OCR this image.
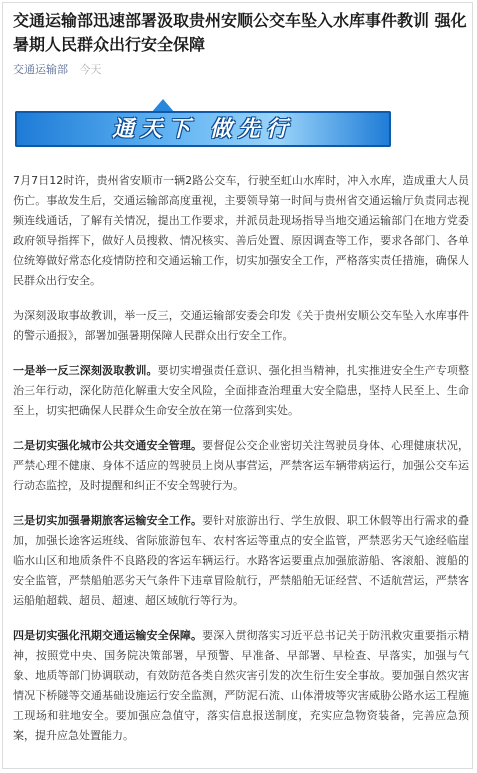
交通运输部迅速部署汲取贵州安顺公交车坠入水库事件教训 强化暑期人民群众出行安全保障
交通运输部 今天
通天下 做先行

7月7日12时许，贵州省安顺市一辆2路公交车，行驶至虹山水库时，冲入水库，造成重大人员伤亡。事故发生后，交通运输部高度重视，主要领导第一时间与贵州省交通运输厅负责同志视频连线通话，了解有关情况，提出工作要求，并派员赴现场指导当地交通运输部门在地方党委政府领导指挥下，做好人员搜救、情况核实、善后处置、原因调查等工作，要求各部门、各单位统筹做好常态化疫情防控和交通运输工作，切实加强安全工作，严格落实责任措施，确保人民群众出行安全。

为深刻汲取事故教训，举一反三，交通运输部安委会印发《关于贵州安顺公交车坠入水库事件的警示通报》，部署加强暑期保障人民群众出行安全工作。

一是举一反三深刻汲取教训。要切实增强责任意识、强化担当精神，扎实推进安全生产专项整治三年行动，深化防范化解重大安全风险，全面排查治理重大安全隐患，坚持人民至上、生命至上，切实把确保人民群众生命安全放在第一位落到实处。

二是切实强化城市公共交通安全管理。要督促公交企业密切关注驾驶员身体、心理健康状况，严禁心理不健康、身体不适应的驾驶员上岗从事营运，严禁客运车辆带病运行，加强公交车运行动态监控，及时提醒和纠正不安全驾驶行为。

三是切实加强暑期旅客运输安全工作。要针对旅游出行、学生放假、职工休假等出行需求的叠加，加强长途客运班线、省际旅游包车、农村客运等重点的安全监管，严禁恶劣天气途经临崖临水山区和地质条件不良路段的客运车辆运行。水路客运要重点加强旅游船、客滚船、渡船的安全监管，严禁船舶恶劣天气条件下违章冒险航行，严禁船舶无证经营、不适航营运，严禁客运船舶超载、超员、超速、超区域航行等行为。

四是切实强化汛期交通运输安全保障。要深入贯彻落实习近平总书记关于防汛救灾重要指示精神，按照党中央、国务院决策部署，早预警、早准备、早部署、早检查、早落实，加强与气象、地质等部门协调联动，有效防范各类自然灾害引发的次生衍生安全事故。要加强自然灾害情况下桥隧等交通基础设施运行安全监测，严防泥石流、山体滑坡等灾害威胁公路水运工程施工现场和驻地安全。要加强应急值守，落实信息报送制度，充实应急物资装备，完善应急预案，提升应急处置能力。
